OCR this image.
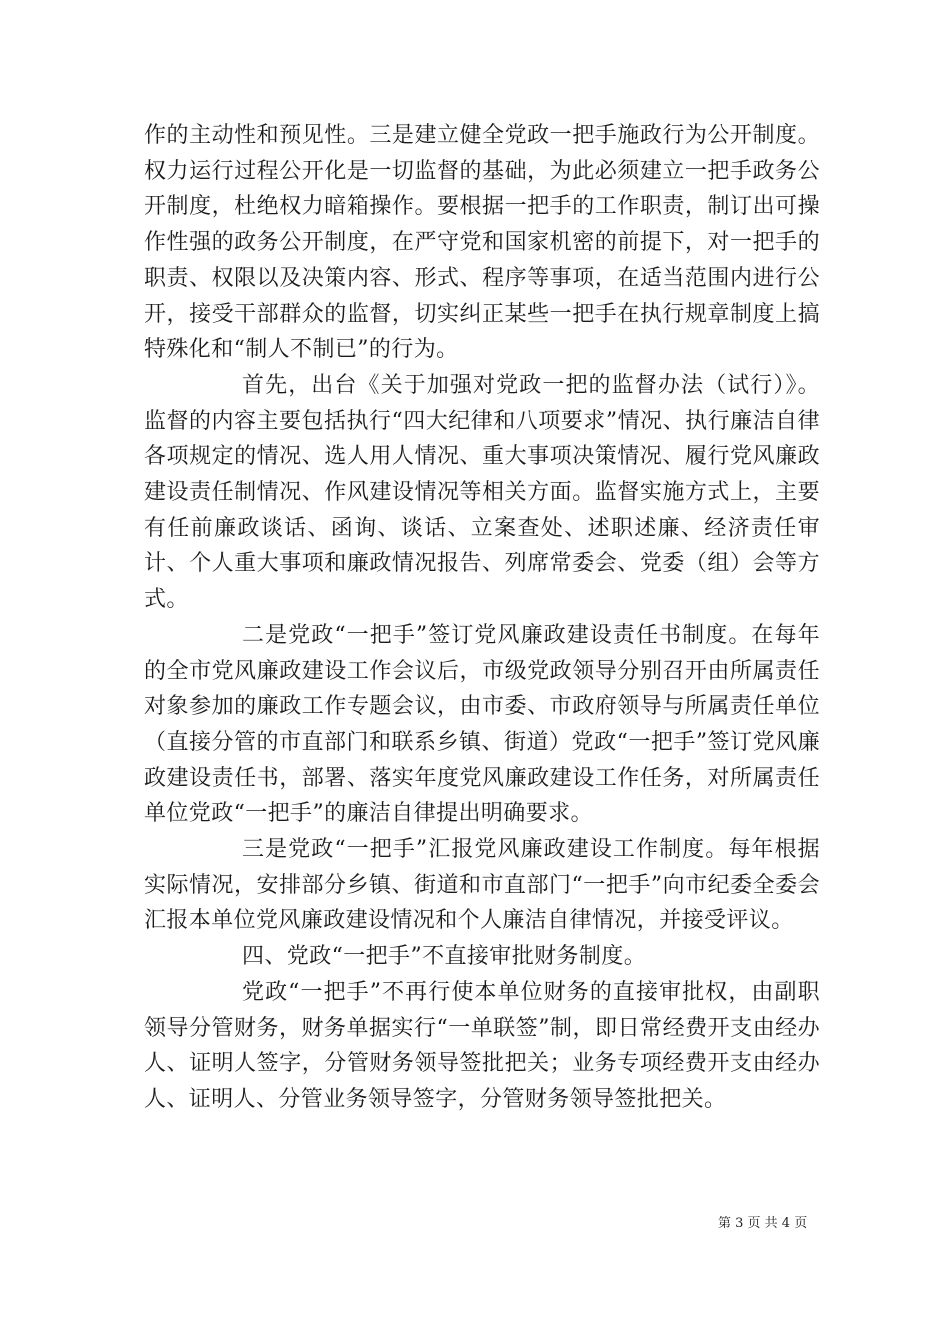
作的主动性和预见性。三是建立健全党政一把手施政行为公开制度。权力运行过程公开化是一切监督的基础，为此必须建立一把手政务公开制度，杜绝权力暗箱操作。要根据一把手的工作职责，制订出可操作性强的政务公开制度，在严守党和国家机密的前提下，对一把手的职责、权限以及决策内容、形式、程序等事项，在适当范围内进行公开，接受干部群众的监督，切实纠正某些一把手在执行规章制度上搞特殊化和“制人不制已”的行为。

首先，出台《关于加强对党政一把的监督办法（试行）》。监督的内容主要包括执行“四大纪律和八项要求”情况、执行廉洁自律各项规定的情况、选人用人情况、重大事项决策情况、履行党风廉政建设责任制情况、作风建设情况等相关方面。监督实施方式上，主要有任前廉政谈话、函询、谈话、立案查处、述职述廉、经济责任审计、个人重大事项和廉政情况报告、列席常委会、党委（组）会等方式。

二是党政“一把手”签订党风廉政建设责任书制度。在每年的全市党风廉政建设工作会议后，市级党政领导分别召开由所属责任对象参加的廉政工作专题会议，由市委、市政府领导与所属责任单位（直接分管的市直部门和联系乡镇、街道）党政“一把手”签订党风廉政建设责任书，部署、落实年度党风廉政建设工作任务，对所属责任单位党政“一把手”的廉洁自律提出明确要求。

三是党政“一把手”汇报党风廉政建设工作制度。每年根据实际情况，安排部分乡镇、街道和市直部门“一把手”向市纪委全委会汇报本单位党风廉政建设情况和个人廉洁自律情况，并接受评议。

四、党政“一把手”不直接审批财务制度。

党政“一把手”不再行使本单位财务的直接审批权，由副职领导分管财务，财务单据实行“一单联签”制，即日常经费开支由经办人、证明人签字，分管财务领导签批把关；业务专项经费开支由经办人、证明人、分管业务领导签字，分管财务领导签批把关。

第 3 页 共 4 页
